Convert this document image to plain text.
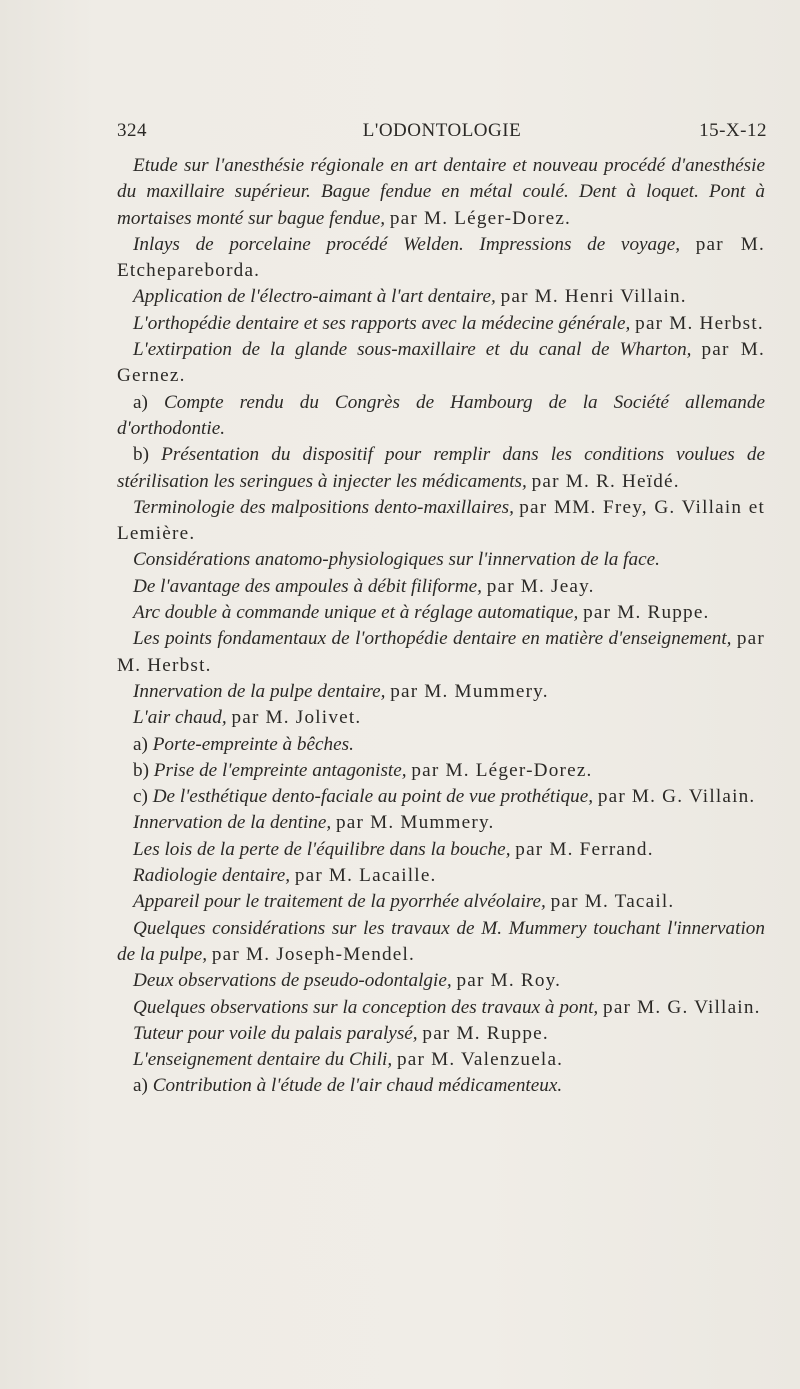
324	L'ODONTOLOGIE	15-X-12

Etude sur l'anesthésie régionale en art dentaire et nouveau procédé d'anesthésie du maxillaire supérieur. Bague fendue en métal coulé. Dent à loquet. Pont à mortaises monté sur bague fendue, par M. Léger-Dorez.

Inlays de porcelaine procédé Welden. Impressions de voyage, par M. Etchepareborda.

Application de l'électro-aimant à l'art dentaire, par M. Henri Villain.

L'orthopédie dentaire et ses rapports avec la médecine générale, par M. Herbst.

L'extirpation de la glande sous-maxillaire et du canal de Wharton, par M. Gernez.

a) Compte rendu du Congrès de Hambourg de la Société allemande d'orthodontie.

b) Présentation du dispositif pour remplir dans les conditions voulues de stérilisation les seringues à injecter les médicaments, par M. R. Heïdé.

Terminologie des malpositions dento-maxillaires, par MM. Frey, G. Villain et Lemière.

Considérations anatomo-physiologiques sur l'innervation de la face.

De l'avantage des ampoules à débit filiforme, par M. Jeay.

Arc double à commande unique et à réglage automatique, par M. Ruppe.

Les points fondamentaux de l'orthopédie dentaire en matière d'enseignement, par M. Herbst.

Innervation de la pulpe dentaire, par M. Mummery.

L'air chaud, par M. Jolivet.

a) Porte-empreinte à bêches.

b) Prise de l'empreinte antagoniste, par M. Léger-Dorez.

c) De l'esthétique dento-faciale au point de vue prothétique, par M. G. Villain.

Innervation de la dentine, par M. Mummery.

Les lois de la perte de l'équilibre dans la bouche, par M. Ferrand.

Radiologie dentaire, par M. Lacaille.

Appareil pour le traitement de la pyorrhée alvéolaire, par M. Tacail.

Quelques considérations sur les travaux de M. Mummery touchant l'innervation de la pulpe, par M. Joseph-Mendel.

Deux observations de pseudo-odontalgie, par M. Roy.

Quelques observations sur la conception des travaux à pont, par M. G. Villain.

Tuteur pour voile du palais paralysé, par M. Ruppe.

L'enseignement dentaire du Chili, par M. Valenzuela.

a) Contribution à l'étude de l'air chaud médicamenteux.
